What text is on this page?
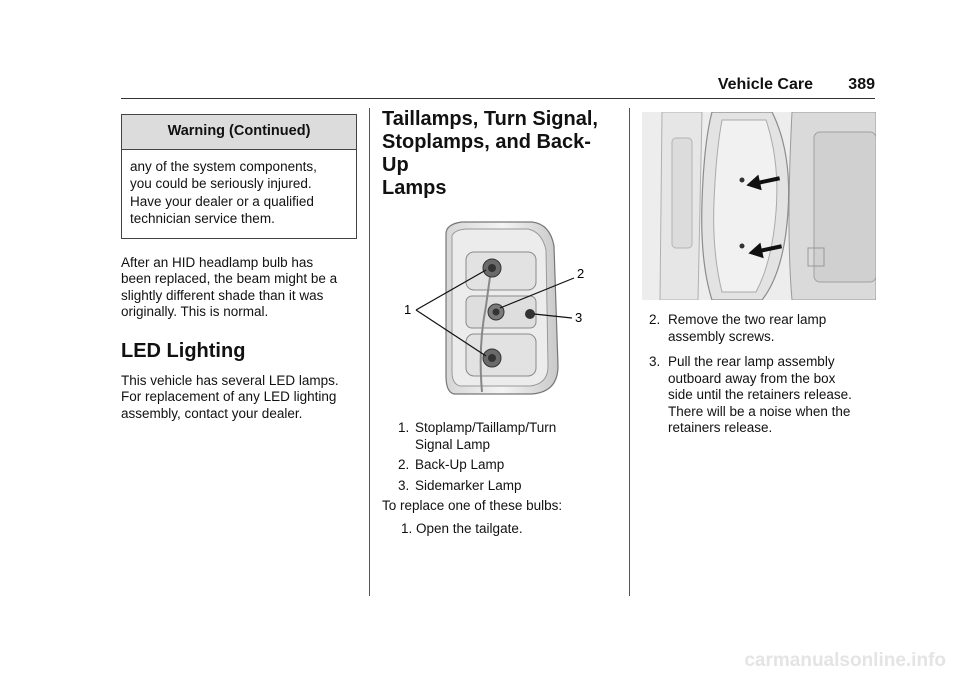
Vehicle Care 389
Warning (Continued)
any of the system components,
you could be seriously injured.
Have your dealer or a qualified
technician service them.
After an HID headlamp bulb has
been replaced, the beam might be a
slightly different shade than it was
originally. This is normal.
LED Lighting
This vehicle has several LED lamps.
For replacement of any LED lighting
assembly, contact your dealer.
Taillamps, Turn Signal,
Stoplamps, and Back-Up
Lamps
1
2
3
1. Stoplamp/Taillamp/Turn
Signal Lamp
2. Back-Up Lamp
3. Sidemarker Lamp

To replace one of these bulbs:

1. Open the tailgate.

2. Remove the two rear lamp
assembly screws.
3. Pull the rear lamp assembly
outboard away from the box
side until the retainers release.
There will be a noise when the
retainers release.
carmanualsonline.info
